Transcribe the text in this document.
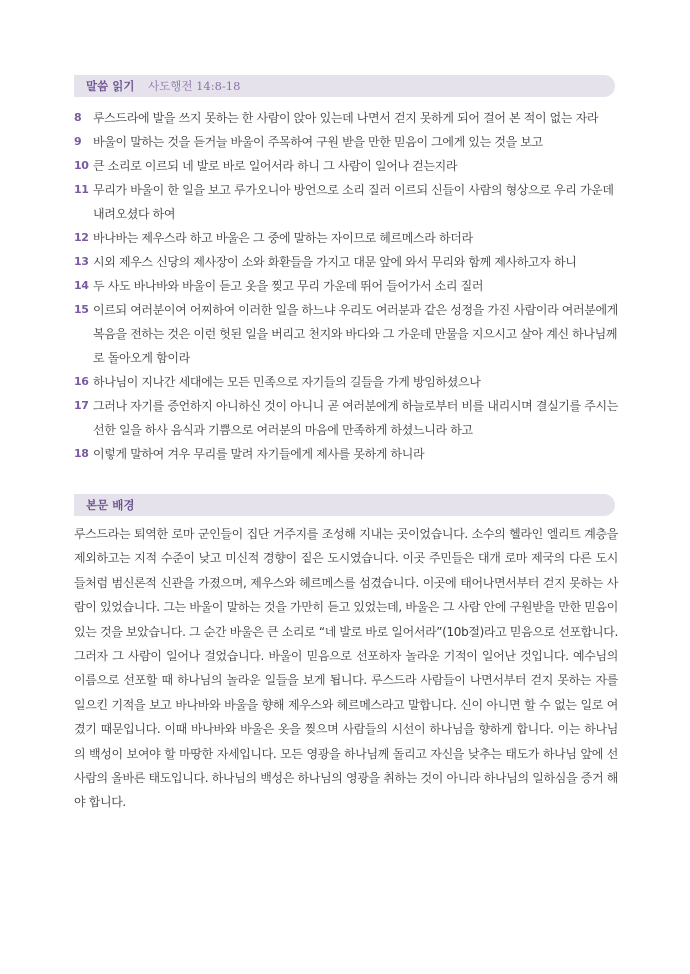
말씀 읽기 사도행전 14:8-18
8 루스드라에 발을 쓰지 못하는 한 사람이 앉아 있는데 나면서 걷지 못하게 되어 걸어 본 적이 없는 자라
9 바울이 말하는 것을 듣거늘 바울이 주목하여 구원 받을 만한 믿음이 그에게 있는 것을 보고
10 큰 소리로 이르되 네 발로 바로 일어서라 하니 그 사람이 일어나 걷는지라
11 무리가 바울이 한 일을 보고 루가오니아 방언으로 소리 질러 이르되 신들이 사람의 형상으로 우리 가운데 내려오셨다 하여
12 바나바는 제우스라 하고 바울은 그 중에 말하는 자이므로 헤르메스라 하더라
13 시외 제우스 신당의 제사장이 소와 화환들을 가지고 대문 앞에 와서 무리와 함께 제사하고자 하니
14 두 사도 바나바와 바울이 듣고 옷을 찢고 무리 가운데 뛰어 들어가서 소리 질러
15 이르되 여러분이여 어찌하여 이러한 일을 하느냐 우리도 여러분과 같은 성정을 가진 사람이라 여러분에게 복음을 전하는 것은 이런 헛된 일을 버리고 천지와 바다와 그 가운데 만물을 지으시고 살아 계신 하나님께로 돌아오게 함이라
16 하나님이 지나간 세대에는 모든 민족으로 자기들의 길들을 가게 방임하셨으나
17 그러나 자기를 증언하지 아니하신 것이 아니니 곧 여러분에게 하늘로부터 비를 내리시며 결실기를 주시는 선한 일을 하사 음식과 기쁨으로 여러분의 마음에 만족하게 하셨느니라 하고
18 이렇게 말하여 겨우 무리를 말려 자기들에게 제사를 못하게 하니라
본문 배경
루스드라는 퇴역한 로마 군인들이 집단 거주지를 조성해 지내는 곳이었습니다. 소수의 헬라인 엘리트 계층을 제외하고는 지적 수준이 낮고 미신적 경향이 짙은 도시였습니다. 이곳 주민들은 대개 로마 제국의 다른 도시들처럼 범신론적 신관을 가졌으며, 제우스와 헤르메스를 섬겼습니다. 이곳에 태어나면서부터 걷지 못하는 사람이 있었습니다. 그는 바울이 말하는 것을 가만히 듣고 있었는데, 바울은 그 사람 안에 구원받을 만한 믿음이 있는 것을 보았습니다. 그 순간 바울은 큰 소리로 “네 발로 바로 일어서라”(10b절)라고 믿음으로 선포합니다. 그러자 그 사람이 일어나 걸었습니다. 바울이 믿음으로 선포하자 놀라운 기적이 일어난 것입니다. 예수님의 이름으로 선포할 때 하나님의 놀라운 일들을 보게 됩니다. 루스드라 사람들이 나면서부터 걷지 못하는 자를 일으킨 기적을 보고 바나바와 바울을 향해 제우스와 헤르메스라고 말합니다. 신이 아니면 할 수 없는 일로 여겼기 때문입니다. 이때 바나바와 바울은 옷을 찢으며 사람들의 시선이 하나님을 향하게 합니다. 이는 하나님의 백성이 보여야 할 마땅한 자세입니다. 모든 영광을 하나님께 돌리고 자신을 낮추는 태도가 하나님 앞에 선 사람의 올바른 태도입니다. 하나님의 백성은 하나님의 영광을 취하는 것이 아니라 하나님의 일하심을 증거 해야 합니다.
